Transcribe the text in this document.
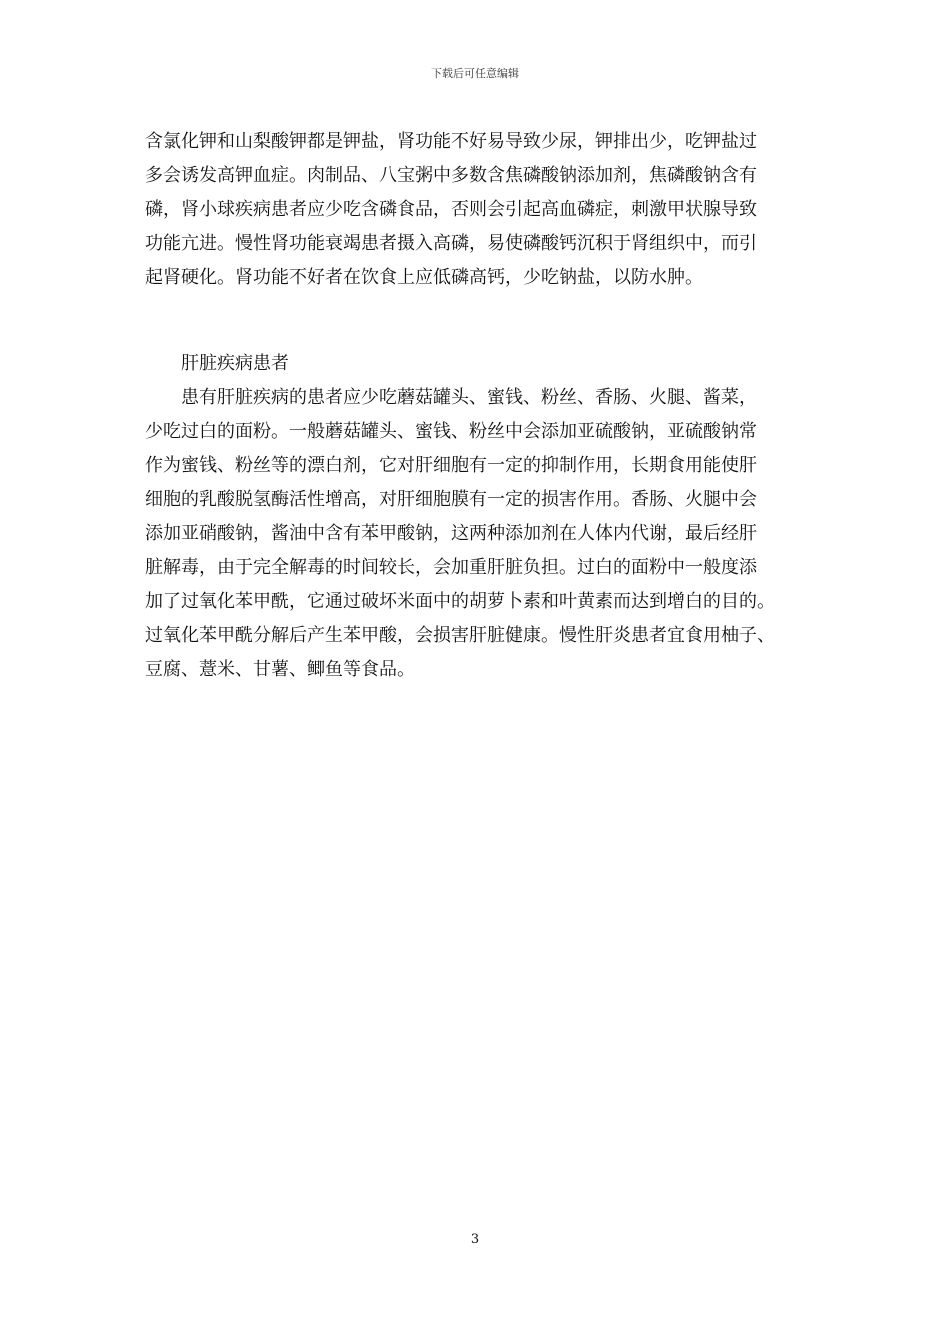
下载后可任意编辑
含氯化钾和山梨酸钾都是钾盐，肾功能不好易导致少尿，钾排出少，吃钾盐过
多会诱发高钾血症。肉制品、八宝粥中多数含焦磷酸钠添加剂，焦磷酸钠含有
磷，肾小球疾病患者应少吃含磷食品，否则会引起高血磷症，刺激甲状腺导致
功能亢进。慢性肾功能衰竭患者摄入高磷，易使磷酸钙沉积于肾组织中，而引
起肾硬化。肾功能不好者在饮食上应低磷高钙，少吃钠盐，以防水肿。
肝脏疾病患者
患有肝脏疾病的患者应少吃蘑菇罐头、蜜钱、粉丝、香肠、火腿、酱菜，
少吃过白的面粉。一般蘑菇罐头、蜜钱、粉丝中会添加亚硫酸钠，亚硫酸钠常
作为蜜钱、粉丝等的漂白剂，它对肝细胞有一定的抑制作用，长期食用能使肝
细胞的乳酸脱氢酶活性增高，对肝细胞膜有一定的损害作用。香肠、火腿中会
添加亚硝酸钠，酱油中含有苯甲酸钠，这两种添加剂在人体内代谢，最后经肝
脏解毒，由于完全解毒的时间较长，会加重肝脏负担。过白的面粉中一般度添
加了过氧化苯甲酰，它通过破坏米面中的胡萝卜素和叶黄素而达到增白的目的。
过氧化苯甲酰分解后产生苯甲酸，会损害肝脏健康。慢性肝炎患者宜食用柚子、
豆腐、薏米、甘薯、鲫鱼等食品。
3
